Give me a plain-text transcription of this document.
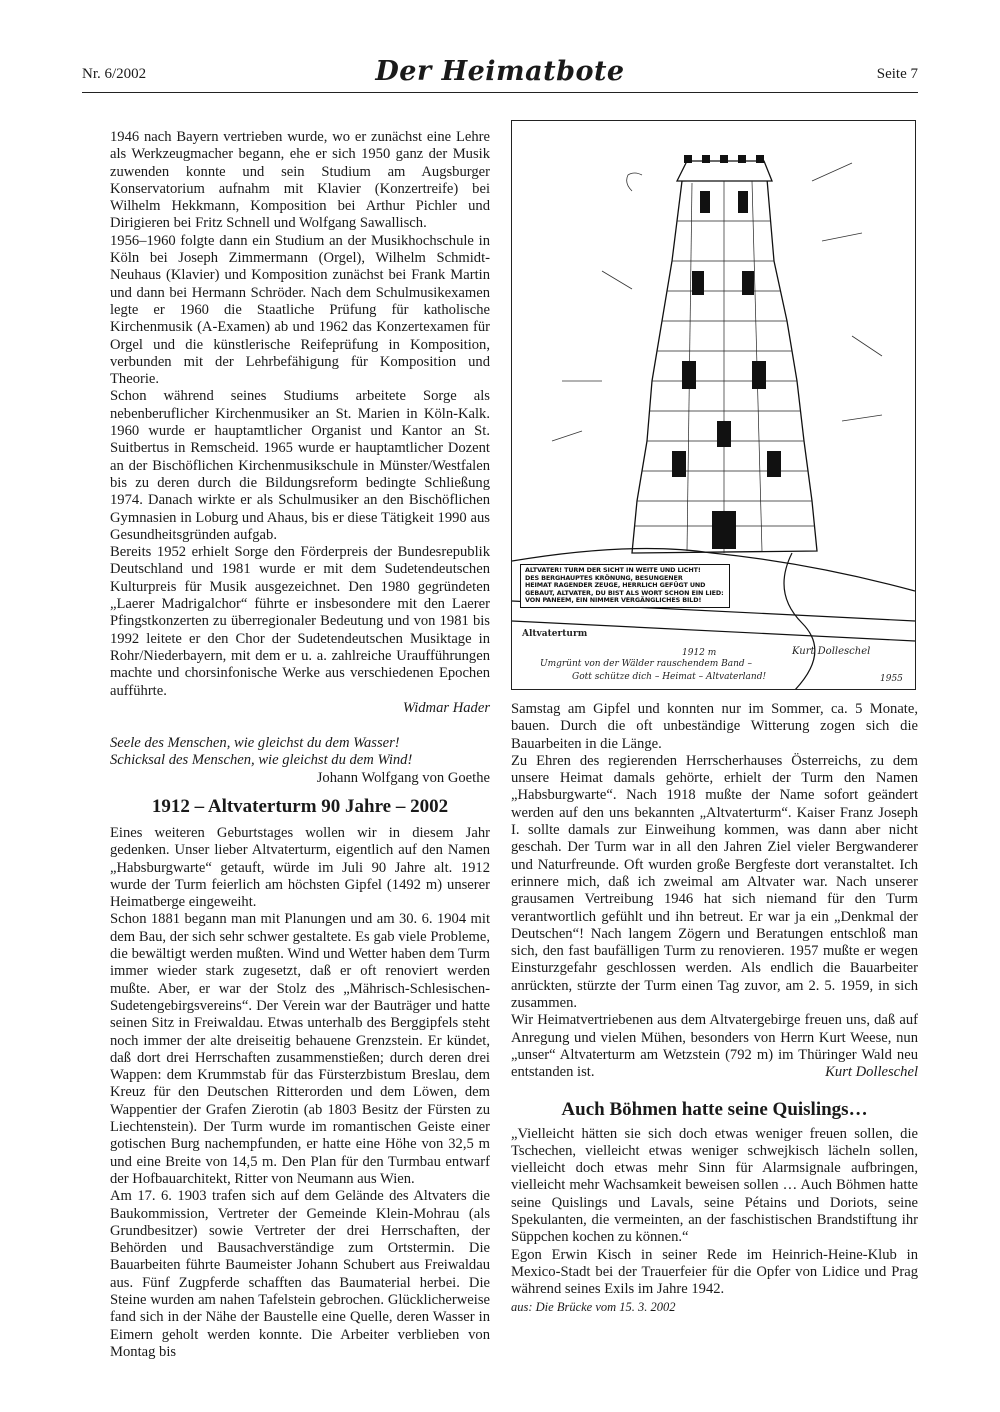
Nr. 6/2002	Der Heimatbote	Seite 7

1946 nach Bayern vertrieben wurde, wo er zunächst eine Lehre als Werkzeugmacher begann, ehe er sich 1950 ganz der Musik zuwenden konnte und sein Studium am Augsburger Konservatorium aufnahm mit Klavier (Konzertreife) bei Wilhelm Hekkmann, Komposition bei Arthur Pichler und Dirigieren bei Fritz Schnell und Wolfgang Sawallisch.

1956–1960 folgte dann ein Studium an der Musikhochschule in Köln bei Joseph Zimmermann (Orgel), Wilhelm Schmidt-Neuhaus (Klavier) und Komposition zunächst bei Frank Martin und dann bei Hermann Schröder. Nach dem Schulmusikexamen legte er 1960 die Staatliche Prüfung für katholische Kirchenmusik (A-Examen) ab und 1962 das Konzertexamen für Orgel und die künstlerische Reifeprüfung in Komposition, verbunden mit der Lehrbefähigung für Komposition und Theorie.

Schon während seines Studiums arbeitete Sorge als nebenberuflicher Kirchenmusiker an St. Marien in Köln-Kalk. 1960 wurde er hauptamtlicher Organist und Kantor an St. Suitbertus in Remscheid. 1965 wurde er hauptamtlicher Dozent an der Bischöflichen Kirchenmusikschule in Münster/Westfalen bis zu deren durch die Bildungsreform bedingte Schließung 1974. Danach wirkte er als Schulmusiker an den Bischöflichen Gymnasien in Loburg und Ahaus, bis er diese Tätigkeit 1990 aus Gesundheitsgründen aufgab.

Bereits 1952 erhielt Sorge den Förderpreis der Bundesrepublik Deutschland und 1981 wurde er mit dem Sudetendeutschen Kulturpreis für Musik ausgezeichnet. Den 1980 gegründeten „Laerer Madrigalchor“ führte er insbesondere mit den Laerer Pfingstkonzerten zu überregionaler Bedeutung und von 1981 bis 1992 leitete er den Chor der Sudetendeutschen Musiktage in Rohr/Niederbayern, mit dem er u. a. zahlreiche Uraufführungen machte und chorsinfonische Werke aus verschiedenen Epochen aufführte.

Widmar Hader
Seele des Menschen, wie gleichst du dem Wasser!
Schicksal des Menschen, wie gleichst du dem Wind!
Johann Wolfgang von Goethe
1912 – Altvaterturm 90 Jahre – 2002

Eines weiteren Geburtstages wollen wir in diesem Jahr gedenken. Unser lieber Altvaterturm, eigentlich auf den Namen „Habsburgwarte“ getauft, würde im Juli 90 Jahre alt. 1912 wurde der Turm feierlich am höchsten Gipfel (1492 m) unserer Heimatberge eingeweiht.

Schon 1881 begann man mit Planungen und am 30. 6. 1904 mit dem Bau, der sich sehr schwer gestaltete. Es gab viele Probleme, die bewältigt werden mußten. Wind und Wetter haben dem Turm immer wieder stark zugesetzt, daß er oft renoviert werden mußte. Aber, er war der Stolz des „Mährisch-Schlesischen-Sudetengebirgsvereins“. Der Verein war der Bauträger und hatte seinen Sitz in Freiwaldau. Etwas unterhalb des Berggipfels steht noch immer der alte dreiseitig behauene Grenzstein. Er kündet, daß dort drei Herrschaften zusammenstießen; durch deren drei Wappen: dem Krummstab für das Fürsterzbistum Breslau, dem Kreuz für den Deutschen Ritterorden und dem Löwen, dem Wappentier der Grafen Zierotin (ab 1803 Besitz der Fürsten zu Liechtenstein). Der Turm wurde im romantischen Geiste einer gotischen Burg nachempfunden, er hatte eine Höhe von 32,5 m und eine Breite von 14,5 m. Den Plan für den Turmbau entwarf der Hofbauarchitekt, Ritter von Neumann aus Wien.

Am 17. 6. 1903 trafen sich auf dem Gelände des Altvaters die Baukommission, Vertreter der Gemeinde Klein-Mohrau (als Grundbesitzer) sowie Vertreter der drei Herrschaften, der Behörden und Bausachverständige zum Ortstermin. Die Bauarbeiten führte Baumeister Johann Schubert aus Freiwaldau aus. Fünf Zugpferde schafften das Baumaterial herbei. Die Steine wurden am nahen Tafelstein gebrochen. Glücklicherweise fand sich in der Nähe der Baustelle eine Quelle, deren Wasser in Eimern geholt werden konnte. Die Arbeiter verblieben von Montag bis

ALTVATER! TURM DER SICHT IN WEITE UND LICHT!
DES BERGHAUPTES KRÖNUNG, BESUNGENER
HEIMAT RAGENDER ZEUGE, HERRLICH GEFÜGT UND
GEBAUT, ALTVATER, DU BIST ALS WORT SCHON EIN LIED:
VON PANEEM, EIN NIMMER VERGÄNGLICHES BILD!
Altvaterturm
1912 m
Umgrünt von der Wälder rauschendem Band –
Gott schütze dich – Heimat – Altvaterland!
Kurt Dolleschel
1955

Samstag am Gipfel und konnten nur im Sommer, ca. 5 Monate, bauen. Durch die oft unbeständige Witterung zogen sich die Bauarbeiten in die Länge.

Zu Ehren des regierenden Herrscherhauses Österreichs, zu dem unsere Heimat damals gehörte, erhielt der Turm den Namen „Habsburgwarte“. Nach 1918 mußte der Name sofort geändert werden auf den uns bekannten „Altvaterturm“. Kaiser Franz Joseph I. sollte damals zur Einweihung kommen, was dann aber nicht geschah. Der Turm war in all den Jahren Ziel vieler Bergwanderer und Naturfreunde. Oft wurden große Bergfeste dort veranstaltet. Ich erinnere mich, daß ich zweimal am Altvater war. Nach unserer grausamen Vertreibung 1946 hat sich niemand für den Turm verantwortlich gefühlt und ihn betreut. Er war ja ein „Denkmal der Deutschen“! Nach langem Zögern und Beratungen entschloß man sich, den fast baufälligen Turm zu renovieren. 1957 mußte er wegen Einsturzgefahr geschlossen werden. Als endlich die Bauarbeiter anrückten, stürzte der Turm einen Tag zuvor, am 2. 5. 1959, in sich zusammen.

Wir Heimatvertriebenen aus dem Altvatergebirge freuen uns, daß auf Anregung und vielen Mühen, besonders von Herrn Kurt Weese, nun „unser“ Altvaterturm am Wetzstein (792 m) im Thüringer Wald neu entstanden ist.	Kurt Dolleschel

Auch Böhmen hatte seine Quislings…

„Vielleicht hätten sie sich doch etwas weniger freuen sollen, die Tschechen, vielleicht etwas weniger schwejkisch lächeln sollen, vielleicht doch etwas mehr Sinn für Alarmsignale aufbringen, vielleicht mehr Wachsamkeit beweisen sollen … Auch Böhmen hatte seine Quislings und Lavals, seine Pétains und Doriots, seine Spekulanten, die vermeinten, an der faschistischen Brandstiftung ihr Süppchen kochen zu können.“

Egon Erwin Kisch in seiner Rede im Heinrich-Heine-Klub in Mexico-Stadt bei der Trauerfeier für die Opfer von Lidice und Prag während seines Exils im Jahre 1942.

aus: Die Brücke vom 15. 3. 2002
